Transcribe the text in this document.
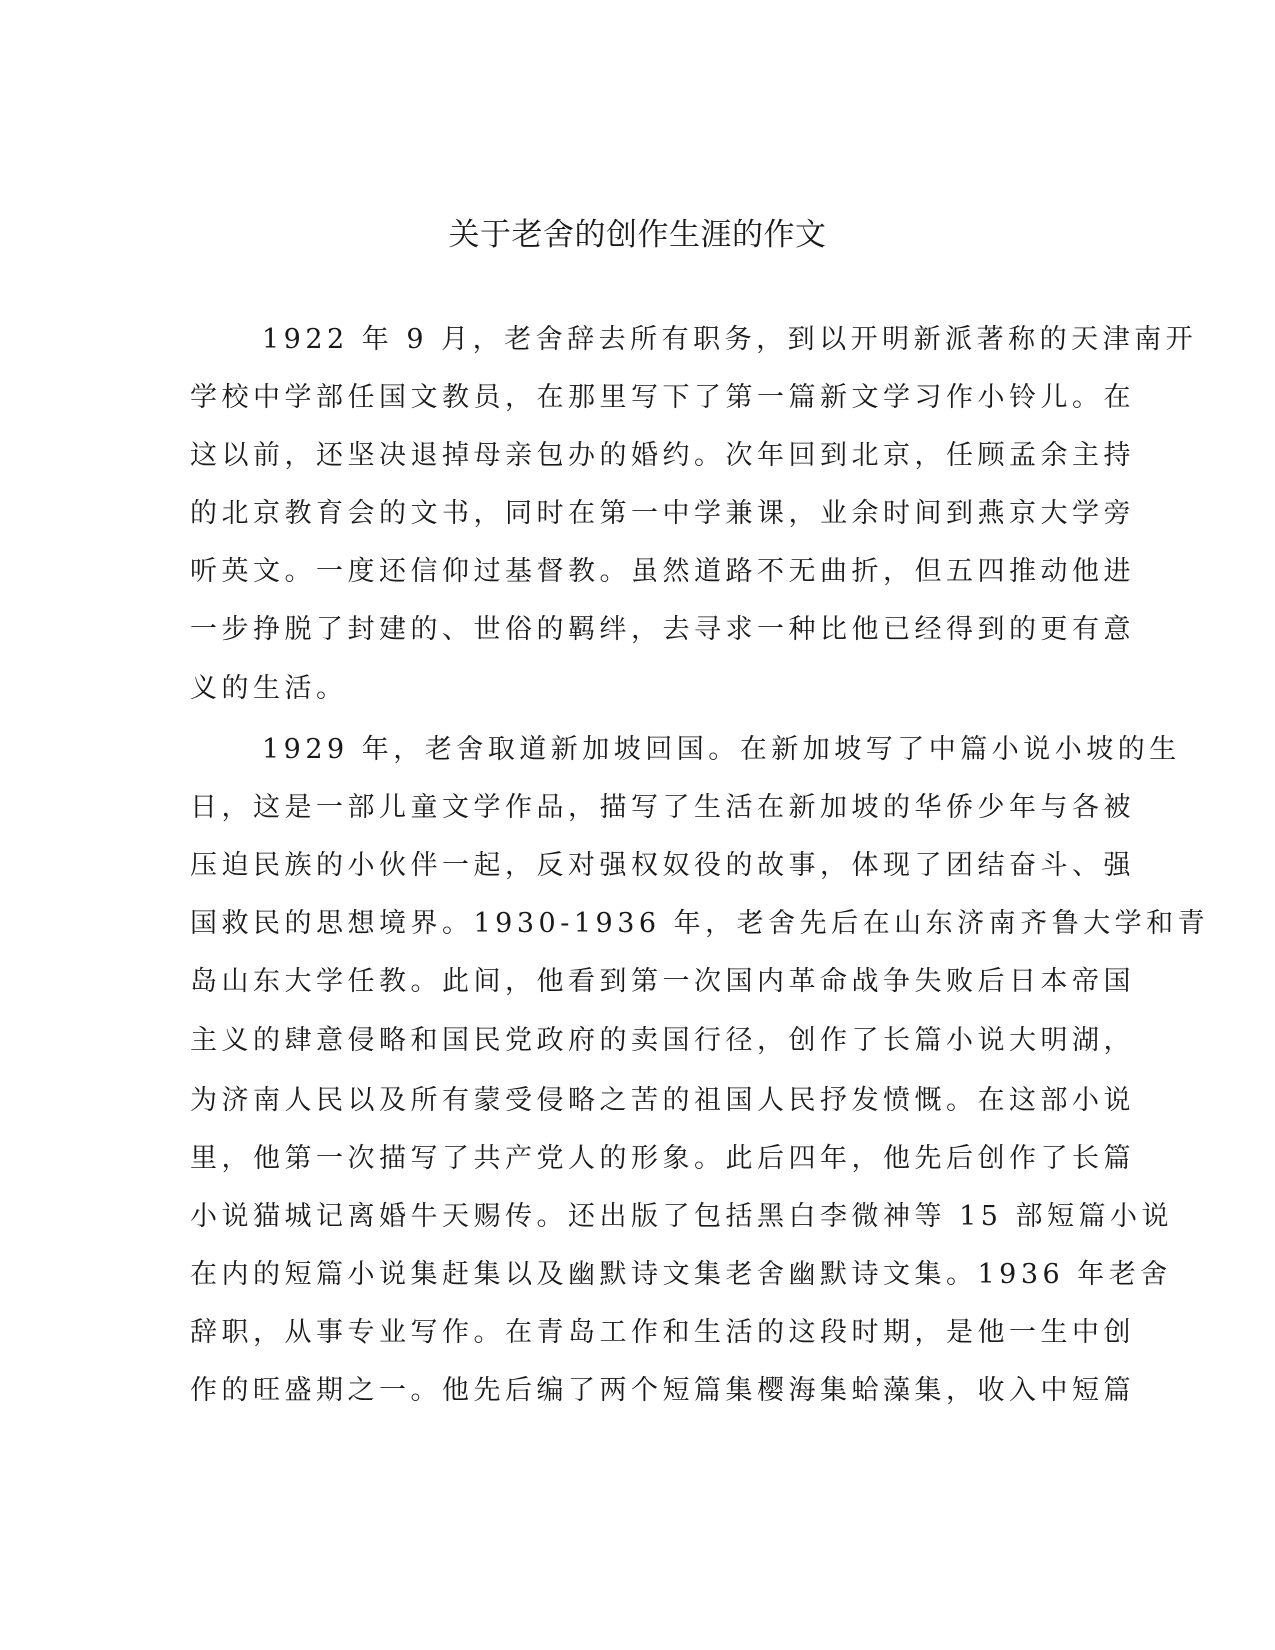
关于老舍的创作生涯的作文
1922 年 9 月，老舍辞去所有职务，到以开明新派著称的天津南开
学校中学部任国文教员，在那里写下了第一篇新文学习作小铃儿。在
这以前，还坚决退掉母亲包办的婚约。次年回到北京，任顾孟余主持
的北京教育会的文书，同时在第一中学兼课，业余时间到燕京大学旁
听英文。一度还信仰过基督教。虽然道路不无曲折，但五四推动他进
一步挣脱了封建的、世俗的羁绊，去寻求一种比他已经得到的更有意
义的生活。
1929 年，老舍取道新加坡回国。在新加坡写了中篇小说小坡的生
日，这是一部儿童文学作品，描写了生活在新加坡的华侨少年与各被
压迫民族的小伙伴一起，反对强权奴役的故事，体现了团结奋斗、强
国救民的思想境界。1930-1936 年，老舍先后在山东济南齐鲁大学和青
岛山东大学任教。此间，他看到第一次国内革命战争失败后日本帝国
主义的肆意侵略和国民党政府的卖国行径，创作了长篇小说大明湖，
为济南人民以及所有蒙受侵略之苦的祖国人民抒发愤慨。在这部小说
里，他第一次描写了共产党人的形象。此后四年，他先后创作了长篇
小说猫城记离婚牛天赐传。还出版了包括黑白李微神等 15 部短篇小说
在内的短篇小说集赶集以及幽默诗文集老舍幽默诗文集。1936 年老舍
辞职，从事专业写作。在青岛工作和生活的这段时期，是他一生中创
作的旺盛期之一。他先后编了两个短篇集樱海集蛤藻集，收入中短篇
